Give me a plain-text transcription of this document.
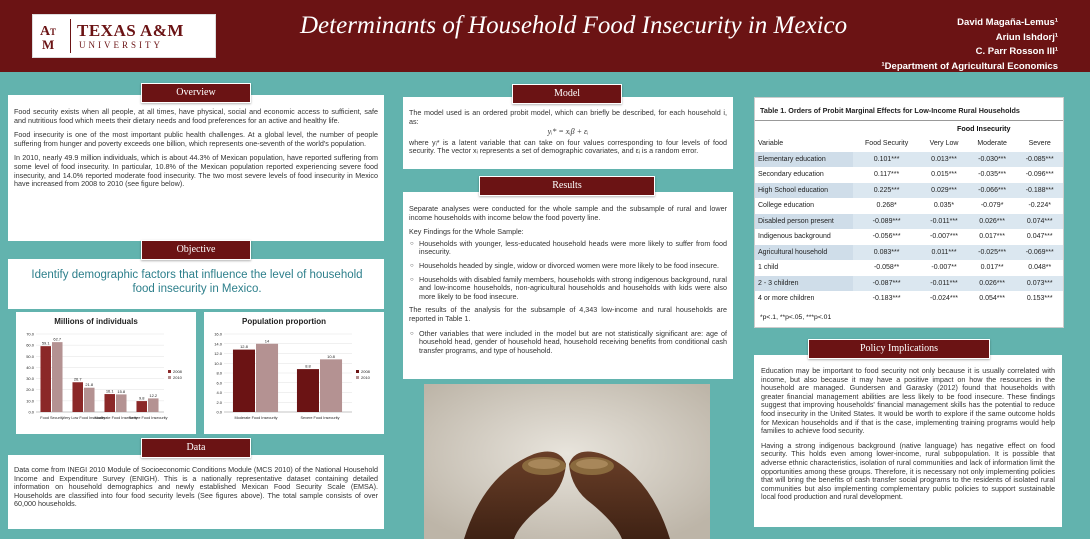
A T
M
TEXAS A&M
UNIVERSITY
Determinants of Household Food Insecurity in Mexico	David Magaña-Lemus¹
Ariun Ishdorj¹
C. Parr Rosson III¹
¹Department of Agricultural Economics

Food security exists when all people, at all times, have physical, social and economic access to sufficient, safe and nutritious food which meets their dietary needs and food preferences for an active and healthy life.

Food insecurity is one of the most important public health challenges. At a global level, the number of people suffering from hunger and poverty exceeds one billion, which represents one-seventh of the world's population.

In 2010, nearly 49.9 million individuals, which is about 44.3% of Mexican population, have reported suffering from some level of food insecurity. In particular, 10.8% of the Mexican population reported experiencing severe food insecurity, and 14.0% reported moderate food insecurity. The two most severe levels of food insecurity in Mexico have increased from 2008 to 2010 (see figure below).

Overview
Identify demographic factors that influence the level of household food insecurity in Mexico.
Objective
Millions of individuals
0.0
10.0
20.0
30.0
40.0
50.0
60.0
70.0
59.1
62.7
Food Security
26.7
21.8
Very Low Food Insecurity
16.1 15.8
Moderate Food Insecurity
9.8
12.2
Severe Food Insecurity
2008
2010
Population proportion
0.0
2.0
4.0
6.0
8.0
10.0
12.0
14.0
16.0
12.8
14
Moderate Food Insecurity
8.8
10.8
Severe Food Insecurity
2008
2010
Data come from INEGI 2010 Module of Socioeconomic Conditions Module (MCS 2010) of the National Household Income and Expenditure Survey (ENIGH). This is a nationally representative dataset containing detailed information on household demographics and newly established Mexican Food Security Scale (EMSA). Households are classified into four food security levels (See figures above). The total sample consists of over 60,000 households.
Data
The model used is an ordered probit model, which can briefly be described, for each household i, as:
yᵢ* = xᵢβ + εᵢ
where yᵢ* is a latent variable that can take on four values corresponding to four levels of food security. The vector xᵢ represents a set of demographic covariates, and εᵢ is a random error.
Model

Separate analyses were conducted for the whole sample and the subsample of rural and lower income households with income below the food poverty line.

Key Findings for the Whole Sample:

○ Households with younger, less-educated household heads were more likely to suffer from food insecurity.
○ Households headed by single, widow or divorced women were more likely to be food insecure.
○ Households with disabled family members, households with strong indigenous background, rural and low-income households, non-agricultural households and households with kids were also more likely to be food insecure.

The results of the analysis for the subsample of 4,343 low-income and rural households are reported in Table 1.

○ Other variables that were included in the model but are not statistically significant are: age of household head, gender of household head, household receiving benefits from conditional cash transfer programs, and type of household.
Results
Table 1. Orders of Probit Marginal Effects for Low-Income Rural Households
Food Insecurity
Variable	Food Security	Very Low	Moderate	Severe
Elementary education	0.101***	0.013***	-0.030***	-0.085***
Secondary education	0.117***	0.015***	-0.035***	-0.096***
High School education	0.225***	0.029***	-0.066***	-0.188***
College education	0.268*	0.035*	-0.079*	-0.224*
Disabled person present	-0.089***	-0.011***	0.026***	0.074***
Indigenous background	-0.056***	-0.007***	0.017***	0.047***
Agricultural household	0.083***	0.011***	-0.025***	-0.069***
1 child	-0.058**	-0.007**	0.017**	0.048**
2 - 3 children	-0.087***	-0.011***	0.026***	0.073***
4 or more children	-0.183***	-0.024***	0.054***	0.153***
*p<.1, **p<.05, ***p<.01

Education may be important to food security not only because it is usually correlated with income, but also because it may have a positive impact on how the resources in the household are managed. Gundersen and Garasky (2012) found that households with greater financial management abilities are less likely to be food insecure. These findings suggest that improving households' financial management skills has the potential to reduce food insecurity in the United States. It would be worth to explore if the same outcome holds for Mexican households and if that is the case, implementing training programs would help families to achieve food security.

Having a strong indigenous background (native language) has negative effect on food security. This holds even among lower-income, rural subpopulation. It is possible that adverse ethnic characteristics, isolation of rural communities and lack of information limit the opportunities among these groups. Therefore, it is necessary not only implementing policies that will bring the benefits of cash transfer social programs to the residents of isolated rural communities but also implementing complementary public policies to support sustainable local food production and rural development.

Policy Implications
